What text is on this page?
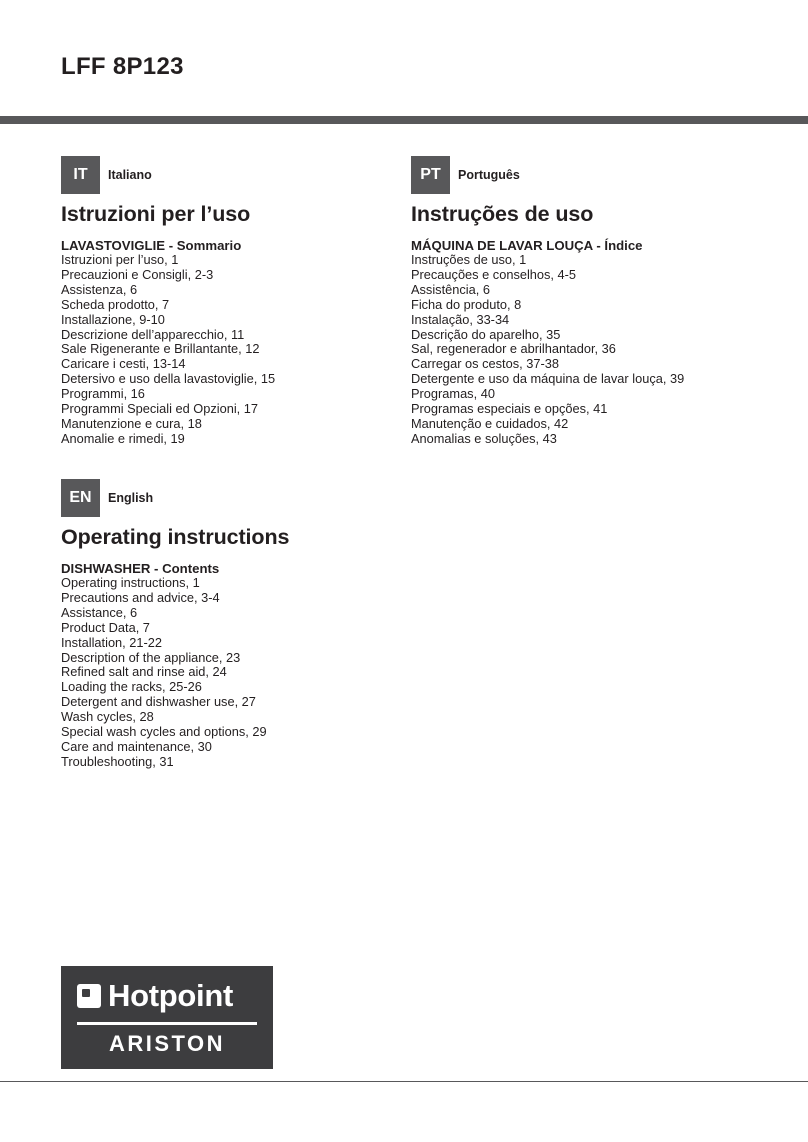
LFF 8P123
IT	Italiano
Istruzioni per l’uso
LAVASTOVIGLIE - Sommario
Istruzioni per l’uso, 1
Precauzioni e Consigli, 2-3
Assistenza, 6
Scheda prodotto, 7
Installazione, 9-10
Descrizione dell’apparecchio, 11
Sale Rigenerante e Brillantante, 12
Caricare i cesti, 13-14
Detersivo e uso della lavastoviglie, 15
Programmi, 16
Programmi Speciali ed Opzioni, 17
Manutenzione e cura, 18
Anomalie e rimedi, 19
PT	Português
Instruções de uso
MÁQUINA DE LAVAR LOUÇA - Índice
Instruções de uso, 1
Precauções e conselhos, 4-5
Assistência, 6
Ficha do produto, 8
Instalação, 33-34
Descrição do aparelho, 35
Sal, regenerador e abrilhantador, 36
Carregar os cestos, 37-38
Detergente e uso da máquina de lavar louça, 39
Programas, 40
Programas especiais e opções, 41
Manutenção e cuidados, 42
Anomalias e soluções, 43
EN	English
Operating instructions
DISHWASHER - Contents
Operating instructions, 1
Precautions and advice, 3-4
Assistance, 6
Product Data, 7
Installation, 21-22
Description of the appliance, 23
Refined salt and rinse aid, 24
Loading the racks, 25-26
Detergent and dishwasher use, 27
Wash cycles, 28
Special wash cycles and options, 29
Care and maintenance, 30
Troubleshooting, 31
Hotpoint
ARISTON
